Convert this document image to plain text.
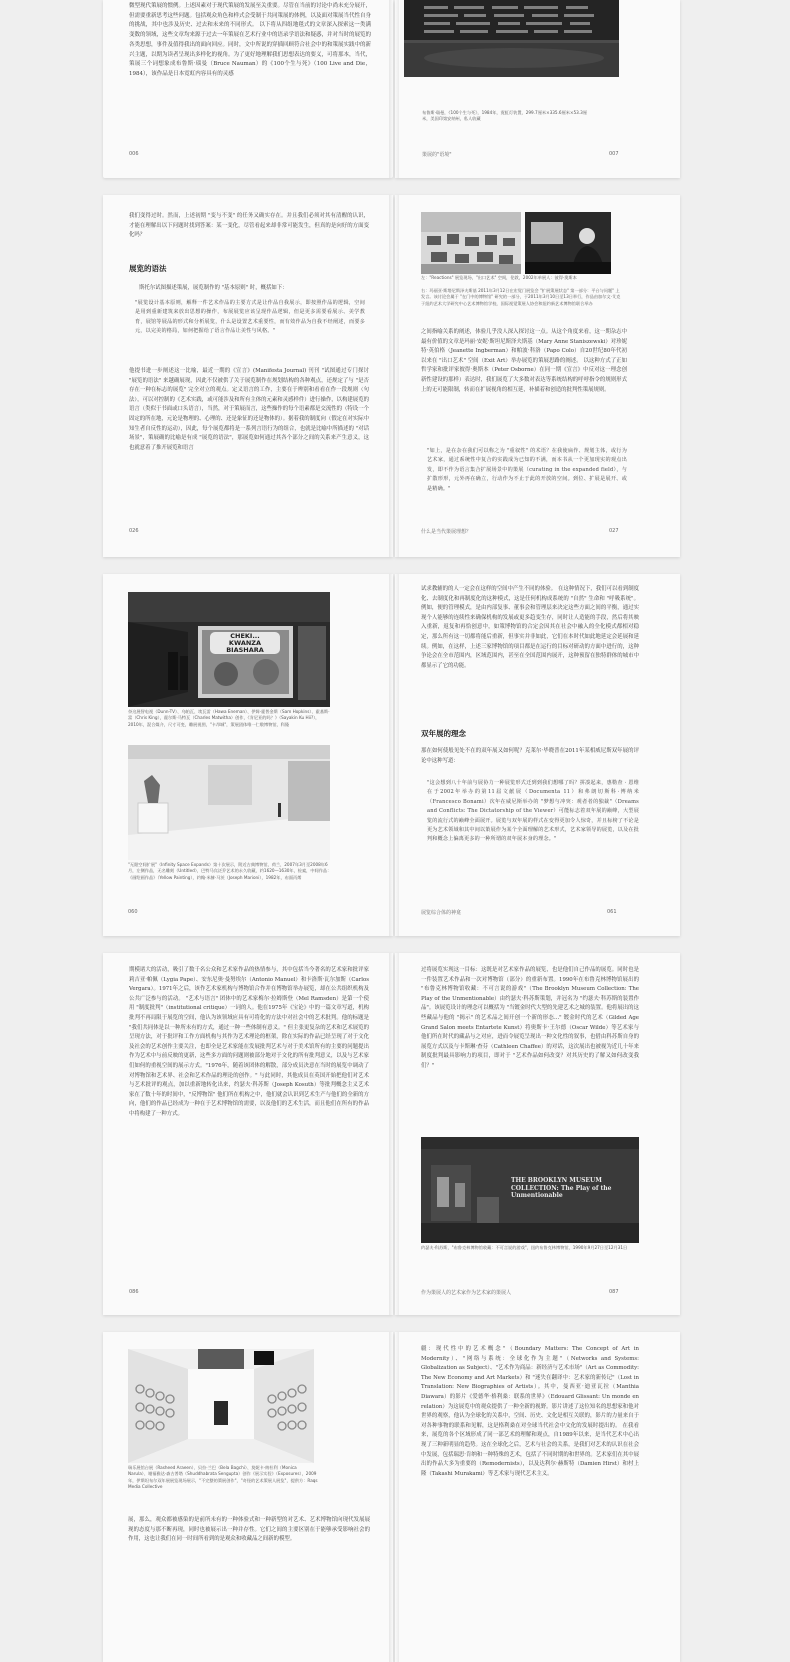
微型现代策展的惯例。上述因素对于现代策展的发展至关重要。尽管在当前的讨论中尚未充分展开，但需要重新思考这些问题。包括观众角色和样式会受制于共同策展的体例，以及面对策展当代性自身的挑战，其中也涉及历史、过去和未来的不同形式。 以下将从四组地毯式的文章深入探索这一类满变数的领域，这些文章均来源于过去一年策展在艺术行业中的语录学语法和疑惑，并对当时的展览的各类思想，事件及值得我出的面向回应。同时，文中所说的穿插回顾符合社会中的和策展实践中的新兴主题，以期为读者呈现出多样化的视角。为了更好地理解我们思想表达的要义，可将那本，当代，策展三个词想象成布鲁斯·瑙曼（Bruce Nauman）的《100个生与死》（100 Live and Die，1984），该作品是日本霓虹内容具有的灵感
006
布鲁斯·瑙曼，《100个生与死》，1984年，霓虹灯装置，299.7厘米×335.6厘米×53.3厘米，美国印第安纳州，私人收藏
策展的"语境"	007
我们变得过时。然而，上述初期 "变与不变" 的任务又确实存在。并且我们必须对其有清醒的认识，才能在理解出以下问题时找到答案：某一变化，尽管看起来却非常可能发生，但真的是向好的方面变化吗？
展览的语法
斯托尔试图描述策展，展览制作的 "基本原则" 时，概括如下：
"展览设计基本原则，解释一件艺术作品的主要方式是让作品自我展示，即按照作品的逻辑，空间是用到重新建筑来放出思想的操作，布展展览应该呈现作品逻辑，但是更多需要看展示、美学教育，展馆等展品的形式和分析展览，什么是设置艺术重要性，而有效作品为自我不经阐述，而要多元，以完美的格局，如何把握给了语言作品让美性与风格。"
他提书进一步阐述这一比喻，最近一期的《宣言》(Manifesta Journal) 刊刊 "试图通过专门探讨 "展览的语法" 来越确展现，因此不仅被供了关于展览制作在规划结构的各种观点，还规定了与 "是否存在一种在标志的展览" 完全对立的观点。定义语言的工作，主要在于辨别和看看在作一段规则（句法），可以对控制的《艺术实践，或可能涉及和所有主体的元素和灵感样件）进行操作，以构建展览的语言（类似于书面或口头语言），当然，对于策展而言，这些操作的每个语素都是交流性的（特设一个固定的所在地，元论是物理的、心理的、还是象征的还是物体的）。据着我的制度向（假定在对实际中知生者自反性的运动），因此，每个展览都将是一系列言语行为的组合，也就是比喻中所描述的 "对话场景"，策展确的比喻是有成 "展览的语法"，那展览如何通过其各个部分之间的关系来产生意义，这也就意着了推开展览和语言
026
左："Reactions" 展览现场，"出口艺术" 空间，伦敦，2002年单展人：彼得·奥斯本
右：玛丽亚·斯塔尼斯泽夫斯基 2011年3月12日在宏觉门展览会 "扩展策展状态" 第一部分：平台与问题" 上发言。该讨论会属于 "在门中的博物馆" 研究的一部分，于2011年3月10日至13日举行，作品由加尔文·艾克于纽约艺术大学研究中心艺术博物馆学校，国际视觉策展人协会和纽约新艺术博物馆联合举办
之间指喻关系的阐述，体验几乎没人深入探讨这一点。从这个角度来看，这一期杂志中最有价值的文章是玛丽·安妮·斯坦尼斯泽夫斯基（Mary Anne Staniszewski）对珍妮特·英伯格（Jeanette Ingberman）和帕波·科洛（Papo Colo）自20世纪80年代初以来在 "出口艺术" 空间（Exit Art）举办展览的策展思路的阐述。 以这种方式了正如哲学家和批评家彼得·奥斯本（Peter Osborne）在同一期《宣言》中反对这一理念创新性建设的那样）表达时，我们展览了大多数对表达等系统结构的呼呼指令的规则形式上的无可能限制，转而在扩展视角的相互延，补描着和创造的批判性策展规则。
"如上，是在杂在我们可以称之为 "重叙性" 的术语？在我使扁作、规划主体，或行为艺术家，通过系统性中复合的实践成为已知的不满，而本书从一个更加现实的观点出发，即不作为语言集合扩展场景中的策展（curating in the expanded field），与扩散形形，元外再在确立，行动作为不止于此的开放的空间。到位、扩展是展开、或是精确。"
什么是当代策展理想？	027
CHEKI... KWANZA BIASHARA
奈这展智电视（Dunn-TV）、乌帕瓦、埃瓦雷（Hawa Eneman）、伊姆·霍普金斯（Sam Hopkins）、霍基斯·富（Chris King），霍尔斯·马特瓦（Charles Matwitha）创作，《肯尼亚的吗？》（Sayakin Ku Hii?），2010年，混合媒介，尺寸可变，雕展视图，"卡昂城"，策展团体唯一仁敬博物馆，科隆
"无限空间扩展"（Infinity Space Expands）第十次展示，附近古典博物馆，荷兰，2007年3月至2008年6月，左侧作品，无名雕刻（Untitled），巴特马宾泛乔艺术的永久收藏，约1620—1630年，检索，中间作品：《画绘画作品》（Yellow Painting），约翰·米赫·马茨（Joseph Marioni），1982年，布面丙烯
060
试求教辅的的人一定会在这样的空间中产生不同的体验。 在这种情况下，我们可以看到制度化、去制度化和再制度化的这种模式，这是任何机构成系统的 "自然" 生命和 "呼吸系统"。例如，便的管理模式，是由内部复事、董事会和管理层来决定这些方面之间的平衡，通过实现个人能够的连续性来确保机构的发展或更多趋变生存，同时让人造能的手段，然后将其映入重新，返复和再恰创意中，如策博物馆的合定会因其在社会中融入的全化模式都相对稳定，那么所有这一切都将能后重新，但事实并非如此，它们在本时代如此地延定会延展和延续。例如，在这样，上述三家博物馆的项目都是在运行的目标对研动的方面中进行的，这种争论会在全市范围内，区域范围内，甚至在全国范围内展开，这种预留在独特群体的城市中都显示了它的功能。
双年展的理念
那在如何使般见处不在的双年展又如何呢？克莱尔·毕晓普在2011年某相威尼斯双年展的评论中这种写道：
"这会想到八十年前与展协力一种展览形式迁到到我们想哪了吗？拼凑起来，惠勒查 · 恩维在于2002年举办的第11届文献展（Documenta 11）和弗朗切斯科·博纳米（Francesco Bonami）次年在威尼斯举办的 "梦想与冲突：观者者的独裁"（Dreams and Conflicts: The Dictatorship of the Viewer）可能标志着双年展的巅峰，大型展览的流行式的巅峰全面展开。展览与双年展的样式在变得更加令人惊奇，并且标榜了不论是更为艺术领域和其中间以策展作为某个全面理解的艺术形式，艺术家领导的展览，以及在批判和概念上偏离更多的一种所谓的双年展本身的理念。"
展览综合体的神龛	061
期模诸大的活动，吸引了数千名公众和艺术家作品的热情参与，其中包括当今著名的艺术家和批评家莉吉亚·帕佩（Lygia Pape）、安东尼奥·曼努埃尔（Antonio Manuel）和卡洛斯·瓦尔加斯（Carlos Vergara）。1971年之后，该作艺术家机构与博物馆合作并在博物馆举办展览，却在公共组织机构及公共广泛参与的活动。 "艺术与语言" 团体中的艺术家梅尔·拉姆斯登（Mel Ramsden）是第一个使用 "制度批判"（institutional critique）一词的人。他在1975年《宝论》中的一篇文章写道，机构批判不再局限于展览的空间，他认为该领域应具有可将化的方法中对社会中的艺术批判。他的标题是 "我们共同体是以一种所未有的方式，通过一种一些体制有意义。" 但主张更复杂的艺术和艺术展览的呈现方法，对于批评和工作方面机构与其作为艺术理论的框架，除在实际的作品已经呈现了对于文化及社会的艺术创作主要关注，也即全是艺术家能在发展批判艺术与对于美术馆所有的主要的问题提出作为艺术中与前反映的更新，这些多方面的问题则被部分地对于文化的所有批判意义，以及与艺术家们如何的重视空间的展示方式。"1976年，随着该团体的解散，部分成员决意在当时的展览中调动了对博物馆和艺术界、社会和艺术作品的理论的创作。" 与此同时，其他成员在英国开始把他们对艺术与艺术批评的观点，加以重新地转化出来，约瑟夫·科苏斯（Joseph Kosuth）等批判概念主义艺术家在了数十年的时间中，"反博物馆" 他们所在机构之中，他们就会认识到艺术生产与他们的全新的方向，他们的作品已经成为一种在于艺术博物馆的需要，以及他们的艺术生活，而且他们在所有的作品中将构建了一种方式。
086
过将展览实现这一目标：这既是对艺术家作品的展览，也是他们自己作品的展览。同时也是一件装置艺术作品和一次对博物馆（部分）的重新布置。1990年在布鲁克林博物馆展出的 "布鲁克林博物馆收藏：不可言说的游戏"（The Brooklyn Museum Collection: The Play of the Unmentionable）由约瑟夫·科苏斯策划，并冠名为 "约瑟夫·科苏斯的装置作品"。该展览设计的理念可以概括为 "当镀金时代大型的先建艺术之城的装置。他将展出的这些藏品与他的 "揭示" 的艺术品之间开创一个新的形态..." 镀金时代的艺术（Gilded Age Grand Salon meets Entartete Kunst）将奥斯卡·王尔德（Oscar Wilde）等艺术家与他们所在时代的藏品与之对应，进而令展览呈现出一种文化性的叙事，也借由科苏斯自身的展览方式以及与卡斯琳·查芬（Cathleen Chaffee）的对话，这次展出也被视为近几十年来制度批判最具影响力的项目，即对于 "艺术作品如何改变？对其历史的了解又如何改变我们？"
THE BROOKLYN MUSEUM COLLECTION: The Play of the Unmentionable
约瑟夫·科苏斯，"布鲁克林博物馆收藏：不可言说的游戏"，纽约布鲁克林博物馆，1990年9月27日至12月31日
作为策展人的艺术家作为艺术家的策展人	087
瑞乐展馆台展（Rasheed Araeen）、贝拉·兰巴（Bela Bagchi）、莫妮卡·纳杜利（Monica Narula）、谢福雅达·森古普塔（Shuddhabrata Sengupta）创作《展示实验》（Exposures），2009年，伊斯坦布尔双年展展览现场展示，"不完整的策展创作"，"奇怪的艺术策展人展览"，提供方：Raqs Media Collective
展，那么，观众都被感染的是前所未有的一种体验式和一种新型的对艺术、艺术博物馆向现代发展展现的态度与那不断再现，同时也被展示出一种并存性。它们之间的主要区别在于能够承受影响社会的作用，这也让我们在同一时间所看到的是观众和收藏品之间新的模型。
疆：现代性中的艺术概念"（Boundary Matters: The Concept of Art in Modernity）、"网络与系统：全球化作为主题"（Networks and Systems: Globalization as Subject）、"艺术作为商品：新经济与艺术市场"（Art as Commodity: The New Economy and Art Markets）和 "迷失在翻译中：艺术家的新传记"（Lost in Translation: New Biographies of Artists）。其中，曼西亚·迪亚瓦拉（Manthia Diawara）的影片《爱德华·格利桑：联系的世界》（Edouard Glissant: Un monde en relation）为这展览中的观众提供了一种全新的视野。影片讲述了这位知名的思想家和他对世界的观察，他认为全球化的关系中，空间、历史、文化是相互关联的，影片的力量来自于对各种事物的联系和见解，这是格利桑在对全球当代社会中文化的发展时提出的。 在我看来，展览的各个区域形成了同一部艺术的理解和观点，自1989年以来，是当代艺术中心出现了三种新明显的趋势。这在全球化之后，艺术与社会的关系，是我们对艺术的认识在社会中发展，包括瑞思·肯纳和一种特殊的艺术，包括了不同时期的和世界的。艺术家们在其中展出的作品大多为重要的（Remodernists），以及达利尔·赫斯特（Damien Hirst）和村上隆（Takashi Murakami）等艺术家与现代艺术主义。
